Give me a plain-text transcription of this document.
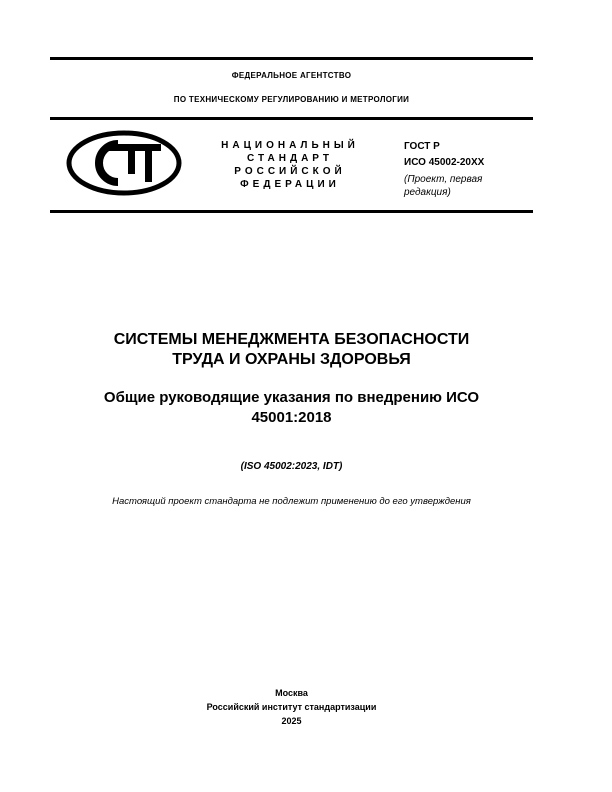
ФЕДЕРАЛЬНОЕ АГЕНТСТВО
ПО ТЕХНИЧЕСКОМУ РЕГУЛИРОВАНИЮ И МЕТРОЛОГИИ
НАЦИОНАЛЬНЫЙ
СТАНДАРТ
РОССИЙСКОЙ
ФЕДЕРАЦИИ
ГОСТ Р
ИСО 45002-20ХХ
(Проект, первая
редакция)
СИСТЕМЫ МЕНЕДЖМЕНТА БЕЗОПАСНОСТИ
ТРУДА И ОХРАНЫ ЗДОРОВЬЯ
Общие руководящие указания по внедрению ИСО
45001:2018
(ISO 45002:2023, IDT)
Настоящий проект стандарта не подлежит применению до его утверждения
Москва
Российский институт стандартизации
2025
